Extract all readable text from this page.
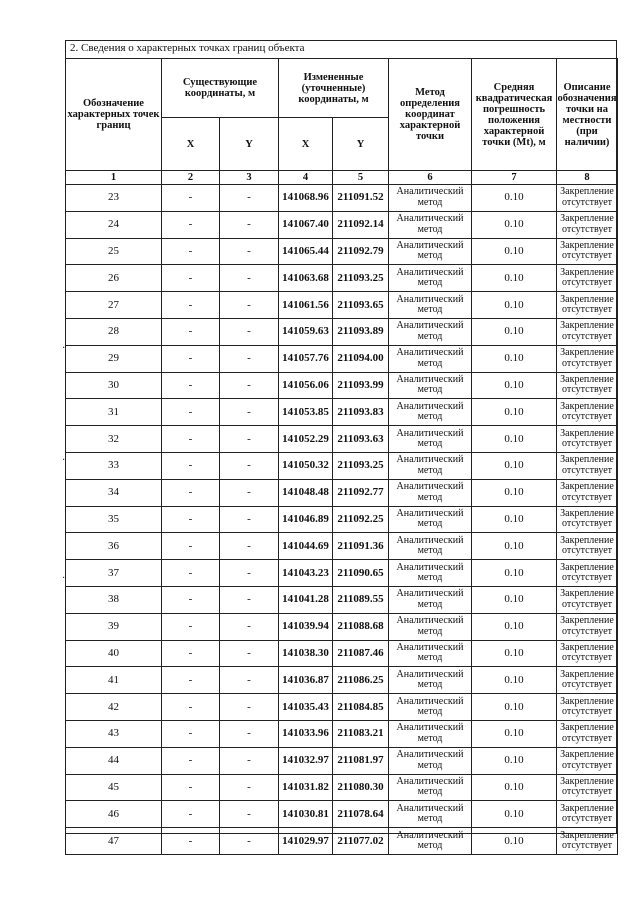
2. Сведения о характерных точках границ объекта
Обозначение характерных точек границ	Существующие координаты, м		Измененные (уточненные) координаты, м		Метод определения координат характерной точки	Средняя квадратическая погрешность положения характерной точки (Mt), м	Описание обозначения точки на местности (при наличии)
	X	Y	X	Y			
1	2	3	4	5	6	7	8
23	-	-	141068.96	211091.52	Аналитический метод	0.10	Закрепление отсутствует
24	-	-	141067.40	211092.14	Аналитический метод	0.10	Закрепление отсутствует
25	-	-	141065.44	211092.79	Аналитический метод	0.10	Закрепление отсутствует
26	-	-	141063.68	211093.25	Аналитический метод	0.10	Закрепление отсутствует
27	-	-	141061.56	211093.65	Аналитический метод	0.10	Закрепление отсутствует
28	-	-	141059.63	211093.89	Аналитический метод	0.10	Закрепление отсутствует
29	-	-	141057.76	211094.00	Аналитический метод	0.10	Закрепление отсутствует
30	-	-	141056.06	211093.99	Аналитический метод	0.10	Закрепление отсутствует
31	-	-	141053.85	211093.83	Аналитический метод	0.10	Закрепление отсутствует
32	-	-	141052.29	211093.63	Аналитический метод	0.10	Закрепление отсутствует
33	-	-	141050.32	211093.25	Аналитический метод	0.10	Закрепление отсутствует
34	-	-	141048.48	211092.77	Аналитический метод	0.10	Закрепление отсутствует
35	-	-	141046.89	211092.25	Аналитический метод	0.10	Закрепление отсутствует
36	-	-	141044.69	211091.36	Аналитический метод	0.10	Закрепление отсутствует
37	-	-	141043.23	211090.65	Аналитический метод	0.10	Закрепление отсутствует
38	-	-	141041.28	211089.55	Аналитический метод	0.10	Закрепление отсутствует
39	-	-	141039.94	211088.68	Аналитический метод	0.10	Закрепление отсутствует
40	-	-	141038.30	211087.46	Аналитический метод	0.10	Закрепление отсутствует
41	-	-	141036.87	211086.25	Аналитический метод	0.10	Закрепление отсутствует
42	-	-	141035.43	211084.85	Аналитический метод	0.10	Закрепление отсутствует
43	-	-	141033.96	211083.21	Аналитический метод	0.10	Закрепление отсутствует
44	-	-	141032.97	211081.97	Аналитический метод	0.10	Закрепление отсутствует
45	-	-	141031.82	211080.30	Аналитический метод	0.10	Закрепление отсутствует
46	-	-	141030.81	211078.64	Аналитический метод	0.10	Закрепление отсутствует
47	-	-	141029.97	211077.02	Аналитический метод	0.10	Закрепление отсутствует
·
·
·
